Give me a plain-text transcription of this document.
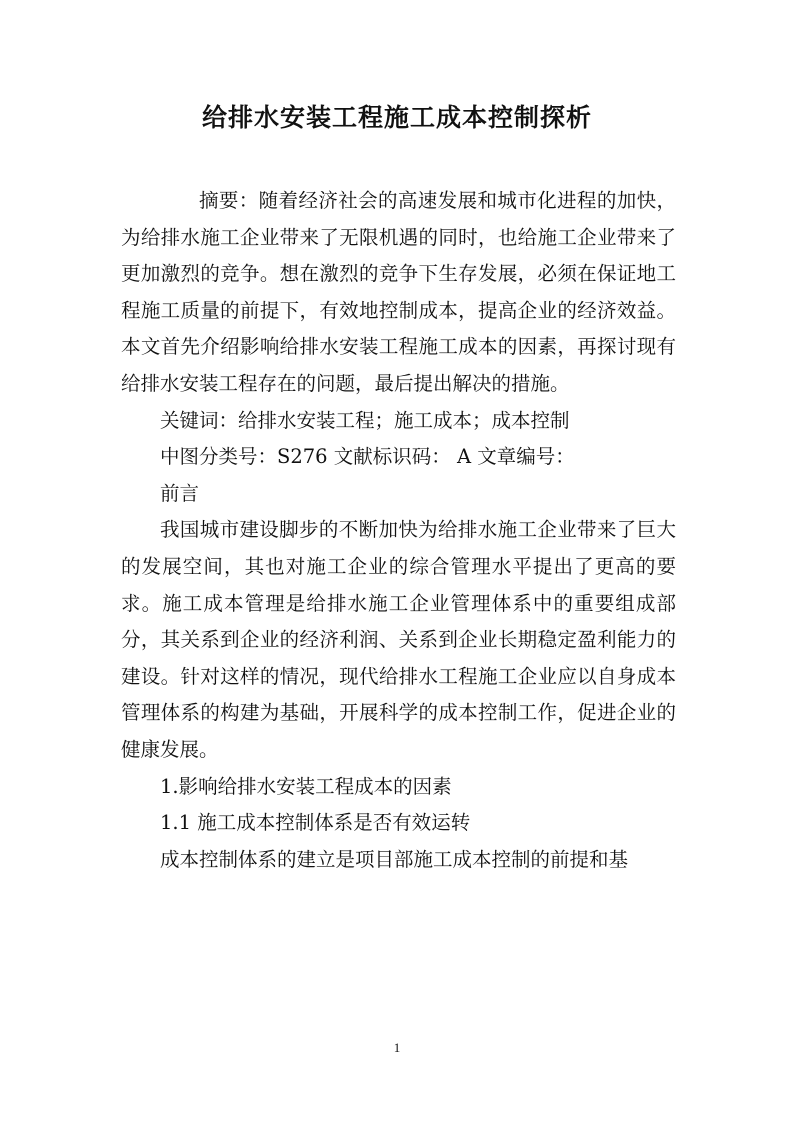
给排水安装工程施工成本控制探析

摘要：随着经济社会的高速发展和城市化进程的加快，为给排水施工企业带来了无限机遇的同时，也给施工企业带来了更加激烈的竞争。想在激烈的竞争下生存发展，必须在保证地工程施工质量的前提下，有效地控制成本，提高企业的经济效益。本文首先介绍影响给排水安装工程施工成本的因素，再探讨现有给排水安装工程存在的问题，最后提出解决的措施。

关键词：给排水安装工程；施工成本；成本控制

中图分类号：S276 文献标识码： A 文章编号：

前言

我国城市建设脚步的不断加快为给排水施工企业带来了巨大的发展空间，其也对施工企业的综合管理水平提出了更高的要求。施工成本管理是给排水施工企业管理体系中的重要组成部分，其关系到企业的经济利润、关系到企业长期稳定盈利能力的建设。针对这样的情况，现代给排水工程施工企业应以自身成本管理体系的构建为基础，开展科学的成本控制工作，促进企业的健康发展。

1.影响给排水安装工程成本的因素

1.1 施工成本控制体系是否有效运转

成本控制体系的建立是项目部施工成本控制的前提和基

1
